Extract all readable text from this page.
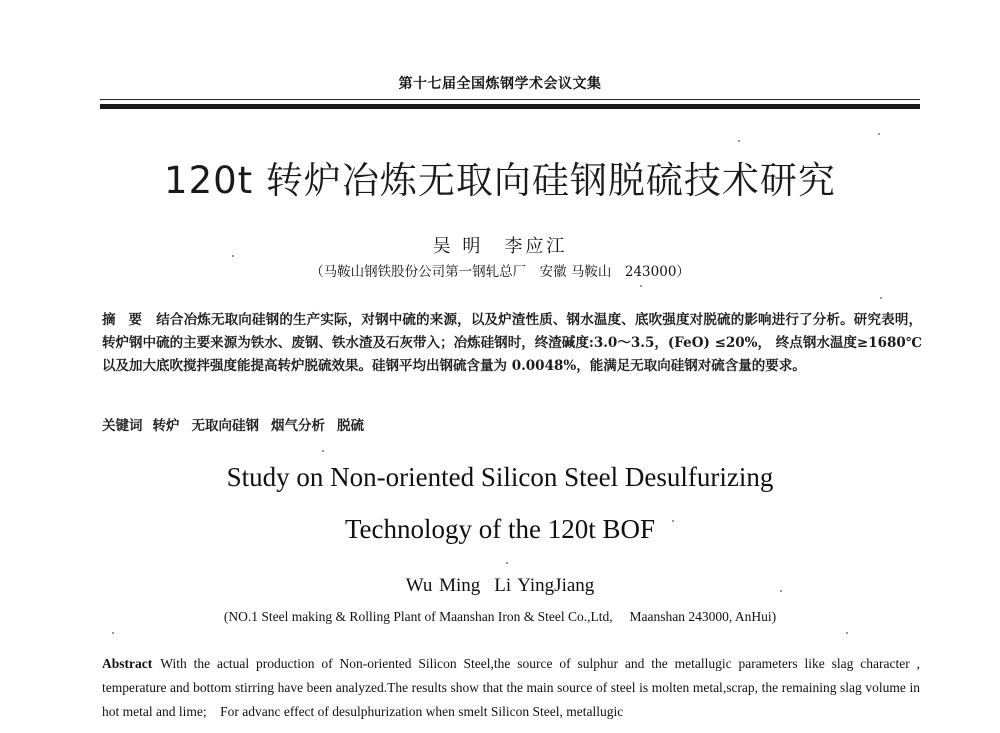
第十七届全国炼钢学术会议文集
120t 转炉冶炼无取向硅钢脱硫技术研究
吴 明　李应江
（马鞍山钢铁股份公司第一钢轧总厂　安徽 马鞍山　243000）
摘 要 结合冶炼无取向硅钢的生产实际，对钢中硫的来源，以及炉渣性质、钢水温度、底吹强度对脱硫的影响进行了分析。研究表明，转炉钢中硫的主要来源为铁水、废钢、铁水渣及石灰带入；冶炼硅钢时，终渣碱度:3.0～3.5，(FeO) ≤20%， 终点钢水温度≥1680℃以及加大底吹搅拌强度能提高转炉脱硫效果。硅钢平均出钢硫含量为 0.0048%，能满足无取向硅钢对硫含量的要求。
关键词 转炉 无取向硅钢 烟气分析 脱硫
Study on Non-oriented Silicon Steel Desulfurizing
Technology of the 120t BOF
Wu Ming Li YingJiang
(NO.1 Steel making & Rolling Plant of Maanshan Iron & Steel Co.,Ltd,　 Maanshan 243000, AnHui)
Abstract With the actual production of Non-oriented Silicon Steel,the source of sulphur and the metallugic parameters like slag character , temperature and bottom stirring have been analyzed.The results show that the main source of steel is molten metal,scrap, the remaining slag volume in hot metal and lime;　For advanc effect of desulphurization when smelt Silicon Steel, metallugic
